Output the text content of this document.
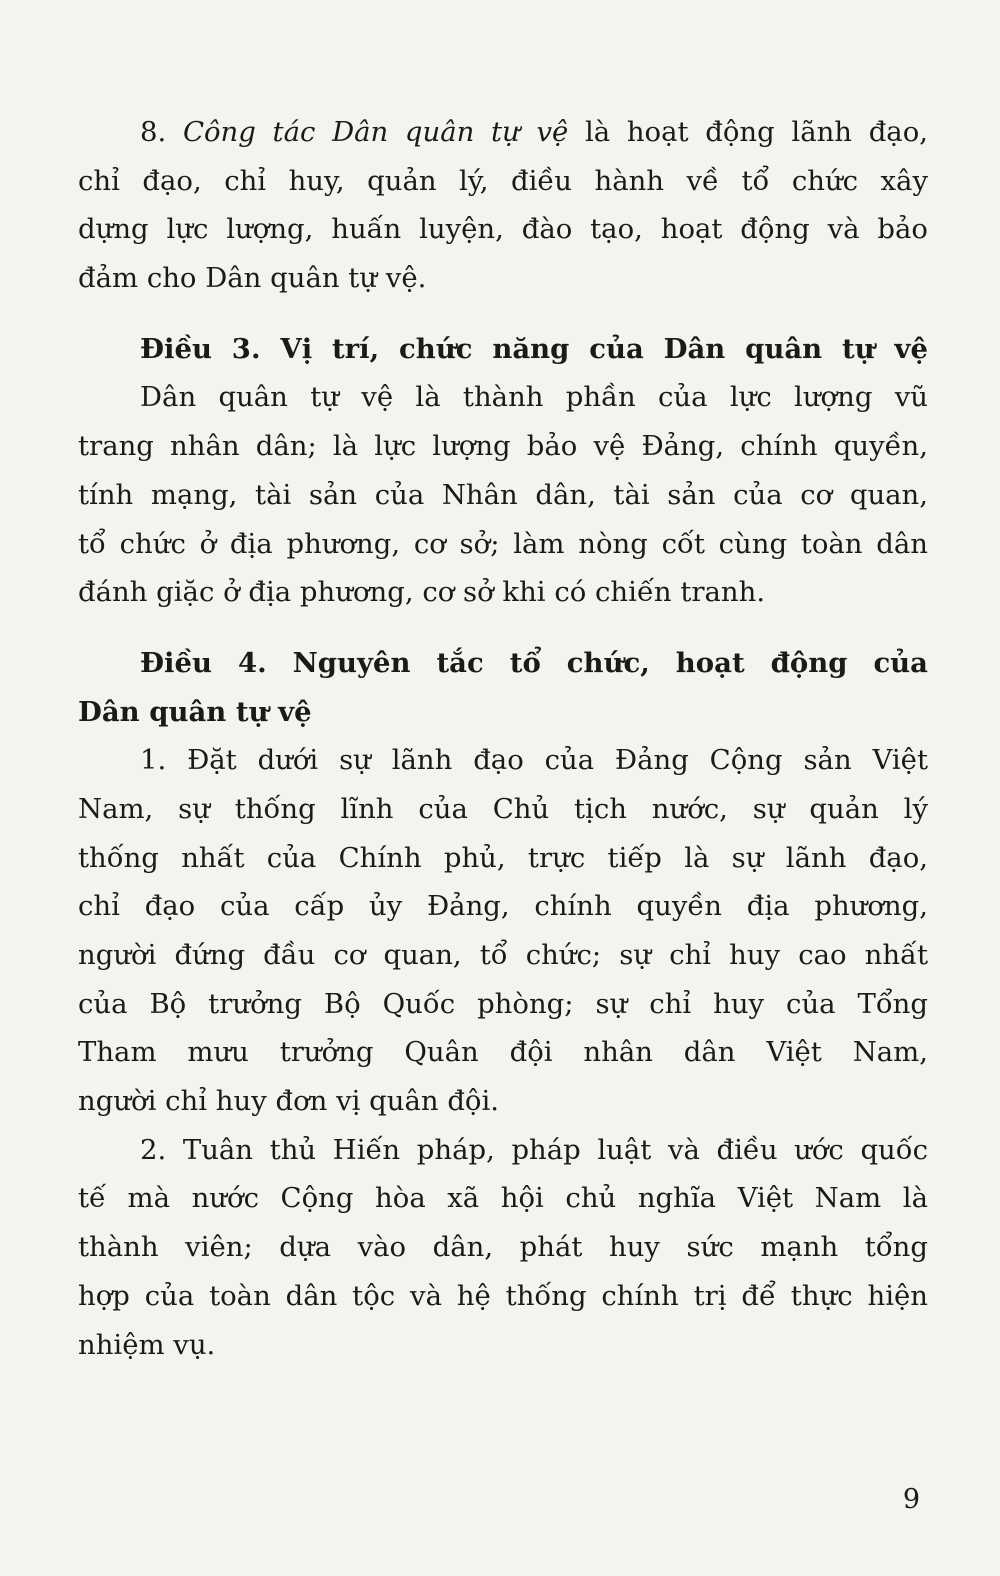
8. Công tác Dân quân tự vệ là hoạt động lãnh đạo,
chỉ đạo, chỉ huy, quản lý, điều hành về tổ chức xây
dựng lực lượng, huấn luyện, đào tạo, hoạt động và bảo
đảm cho Dân quân tự vệ.
Điều 3. Vị trí, chức năng của Dân quân tự vệ
Dân quân tự vệ là thành phần của lực lượng vũ
trang nhân dân; là lực lượng bảo vệ Đảng, chính quyền,
tính mạng, tài sản của Nhân dân, tài sản của cơ quan,
tổ chức ở địa phương, cơ sở; làm nòng cốt cùng toàn dân
đánh giặc ở địa phương, cơ sở khi có chiến tranh.
Điều 4. Nguyên tắc tổ chức, hoạt động của
Dân quân tự vệ
1. Đặt dưới sự lãnh đạo của Đảng Cộng sản Việt
Nam, sự thống lĩnh của Chủ tịch nước, sự quản lý
thống nhất của Chính phủ, trực tiếp là sự lãnh đạo,
chỉ đạo của cấp ủy Đảng, chính quyền địa phương,
người đứng đầu cơ quan, tổ chức; sự chỉ huy cao nhất
của Bộ trưởng Bộ Quốc phòng; sự chỉ huy của Tổng
Tham mưu trưởng Quân đội nhân dân Việt Nam,
người chỉ huy đơn vị quân đội.
2. Tuân thủ Hiến pháp, pháp luật và điều ước quốc
tế mà nước Cộng hòa xã hội chủ nghĩa Việt Nam là
thành viên; dựa vào dân, phát huy sức mạnh tổng
hợp của toàn dân tộc và hệ thống chính trị để thực hiện
nhiệm vụ.
9
